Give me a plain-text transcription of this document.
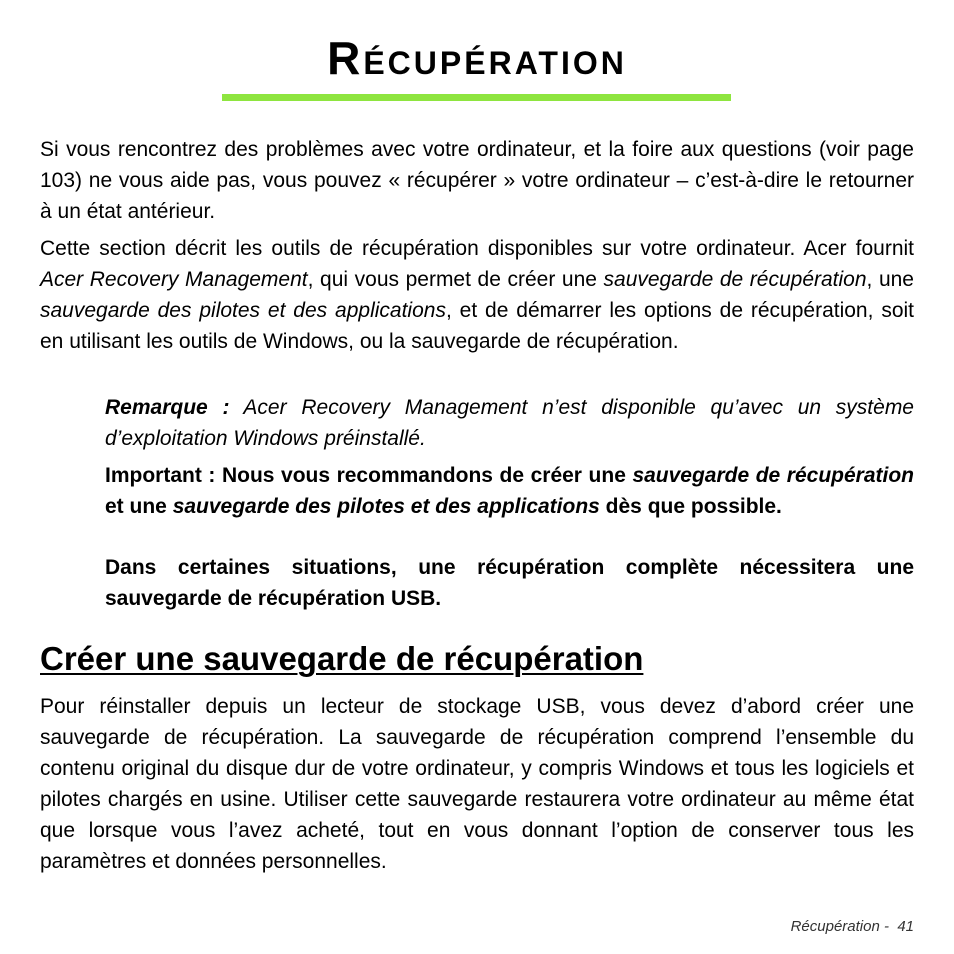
Récupération

Si vous rencontrez des problèmes avec votre ordinateur, et la foire aux questions (voir page 103) ne vous aide pas, vous pouvez « récupérer » votre ordinateur – c’est-à-dire le retourner à un état antérieur.

Cette section décrit les outils de récupération disponibles sur votre ordinateur. Acer fournit Acer Recovery Management, qui vous permet de créer une sauvegarde de récupération, une sauvegarde des pilotes et des applications, et de démarrer les options de récupération, soit en utilisant les outils de Windows, ou la sauvegarde de récupération.

Remarque : Acer Recovery Management n’est disponible qu’avec un système d’exploitation Windows préinstallé.

Important : Nous vous recommandons de créer une sauvegarde de récupération et une sauvegarde des pilotes et des applications dès que possible.

Dans certaines situations, une récupération complète nécessitera une sauvegarde de récupération USB.

Créer une sauvegarde de récupération

Pour réinstaller depuis un lecteur de stockage USB, vous devez d’abord créer une sauvegarde de récupération. La sauvegarde de récupération comprend l’ensemble du contenu original du disque dur de votre ordinateur, y compris Windows et tous les logiciels et pilotes chargés en usine. Utiliser cette sauvegarde restaurera votre ordinateur au même état que lorsque vous l’avez acheté, tout en vous donnant l’option de conserver tous les paramètres et données personnelles.

Récupération - 41
